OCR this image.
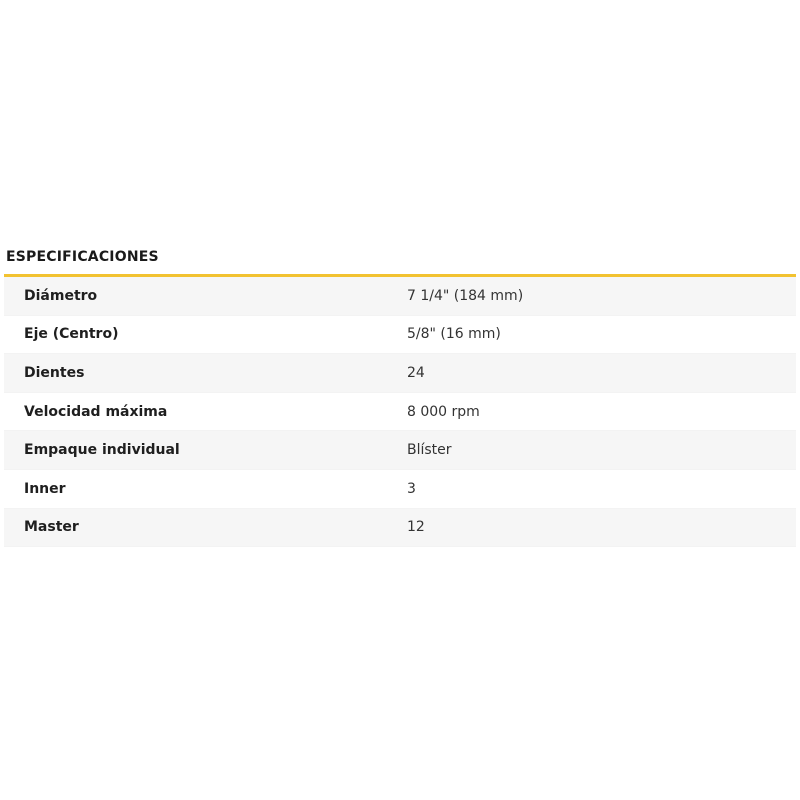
ESPECIFICACIONES
Diámetro	7 1/4" (184 mm)
Eje (Centro)	5/8" (16 mm)
Dientes	24
Velocidad máxima	8 000 rpm
Empaque individual	Blíster
Inner	3
Master	12
